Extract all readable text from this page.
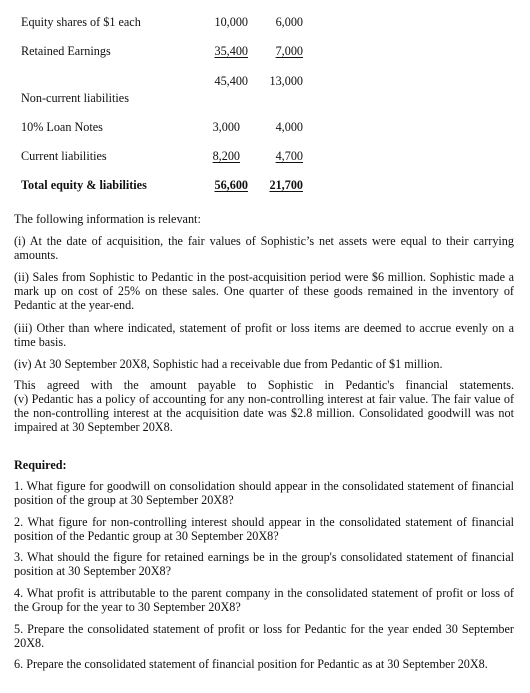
Equity shares of $1 each	10,000	6,000
Retained Earnings	35,400	7,000
45,400	13,000
Non-current liabilities
10% Loan Notes	3,000	4,000
Current liabilities	8,200	4,700
Total equity & liabilities	56,600	21,700
The following information is relevant:
(i) At the date of acquisition, the fair values of Sophistic’s net assets were equal to their carrying amounts.
(ii) Sales from Sophistic to Pedantic in the post-acquisition period were $6 million. Sophistic made a mark up on cost of 25% on these sales. One quarter of these goods remained in the inventory of Pedantic at the year-end.
(iii) Other than where indicated, statement of profit or loss items are deemed to accrue evenly on a time basis.
(iv) At 30 September 20X8, Sophistic had a receivable due from Pedantic of $1 million.
This agreed with the amount payable to Sophistic in Pedantic's financial statements.
(v) Pedantic has a policy of accounting for any non-controlling interest at fair value. The fair value of the non-controlling interest at the acquisition date was $2.8 million. Consolidated goodwill was not impaired at 30 September 20X8.
Required:
1. What figure for goodwill on consolidation should appear in the consolidated statement of financial position of the group at 30 September 20X8?
2. What figure for non-controlling interest should appear in the consolidated statement of financial position of the Pedantic group at 30 September 20X8?
3. What should the figure for retained earnings be in the group's consolidated statement of financial position at 30 September 20X8?
4. What profit is attributable to the parent company in the consolidated statement of profit or loss of the Group for the year to 30 September 20X8?
5. Prepare the consolidated statement of profit or loss for Pedantic for the year ended 30 September 20X8.
6. Prepare the consolidated statement of financial position for Pedantic as at 30 September 20X8.
